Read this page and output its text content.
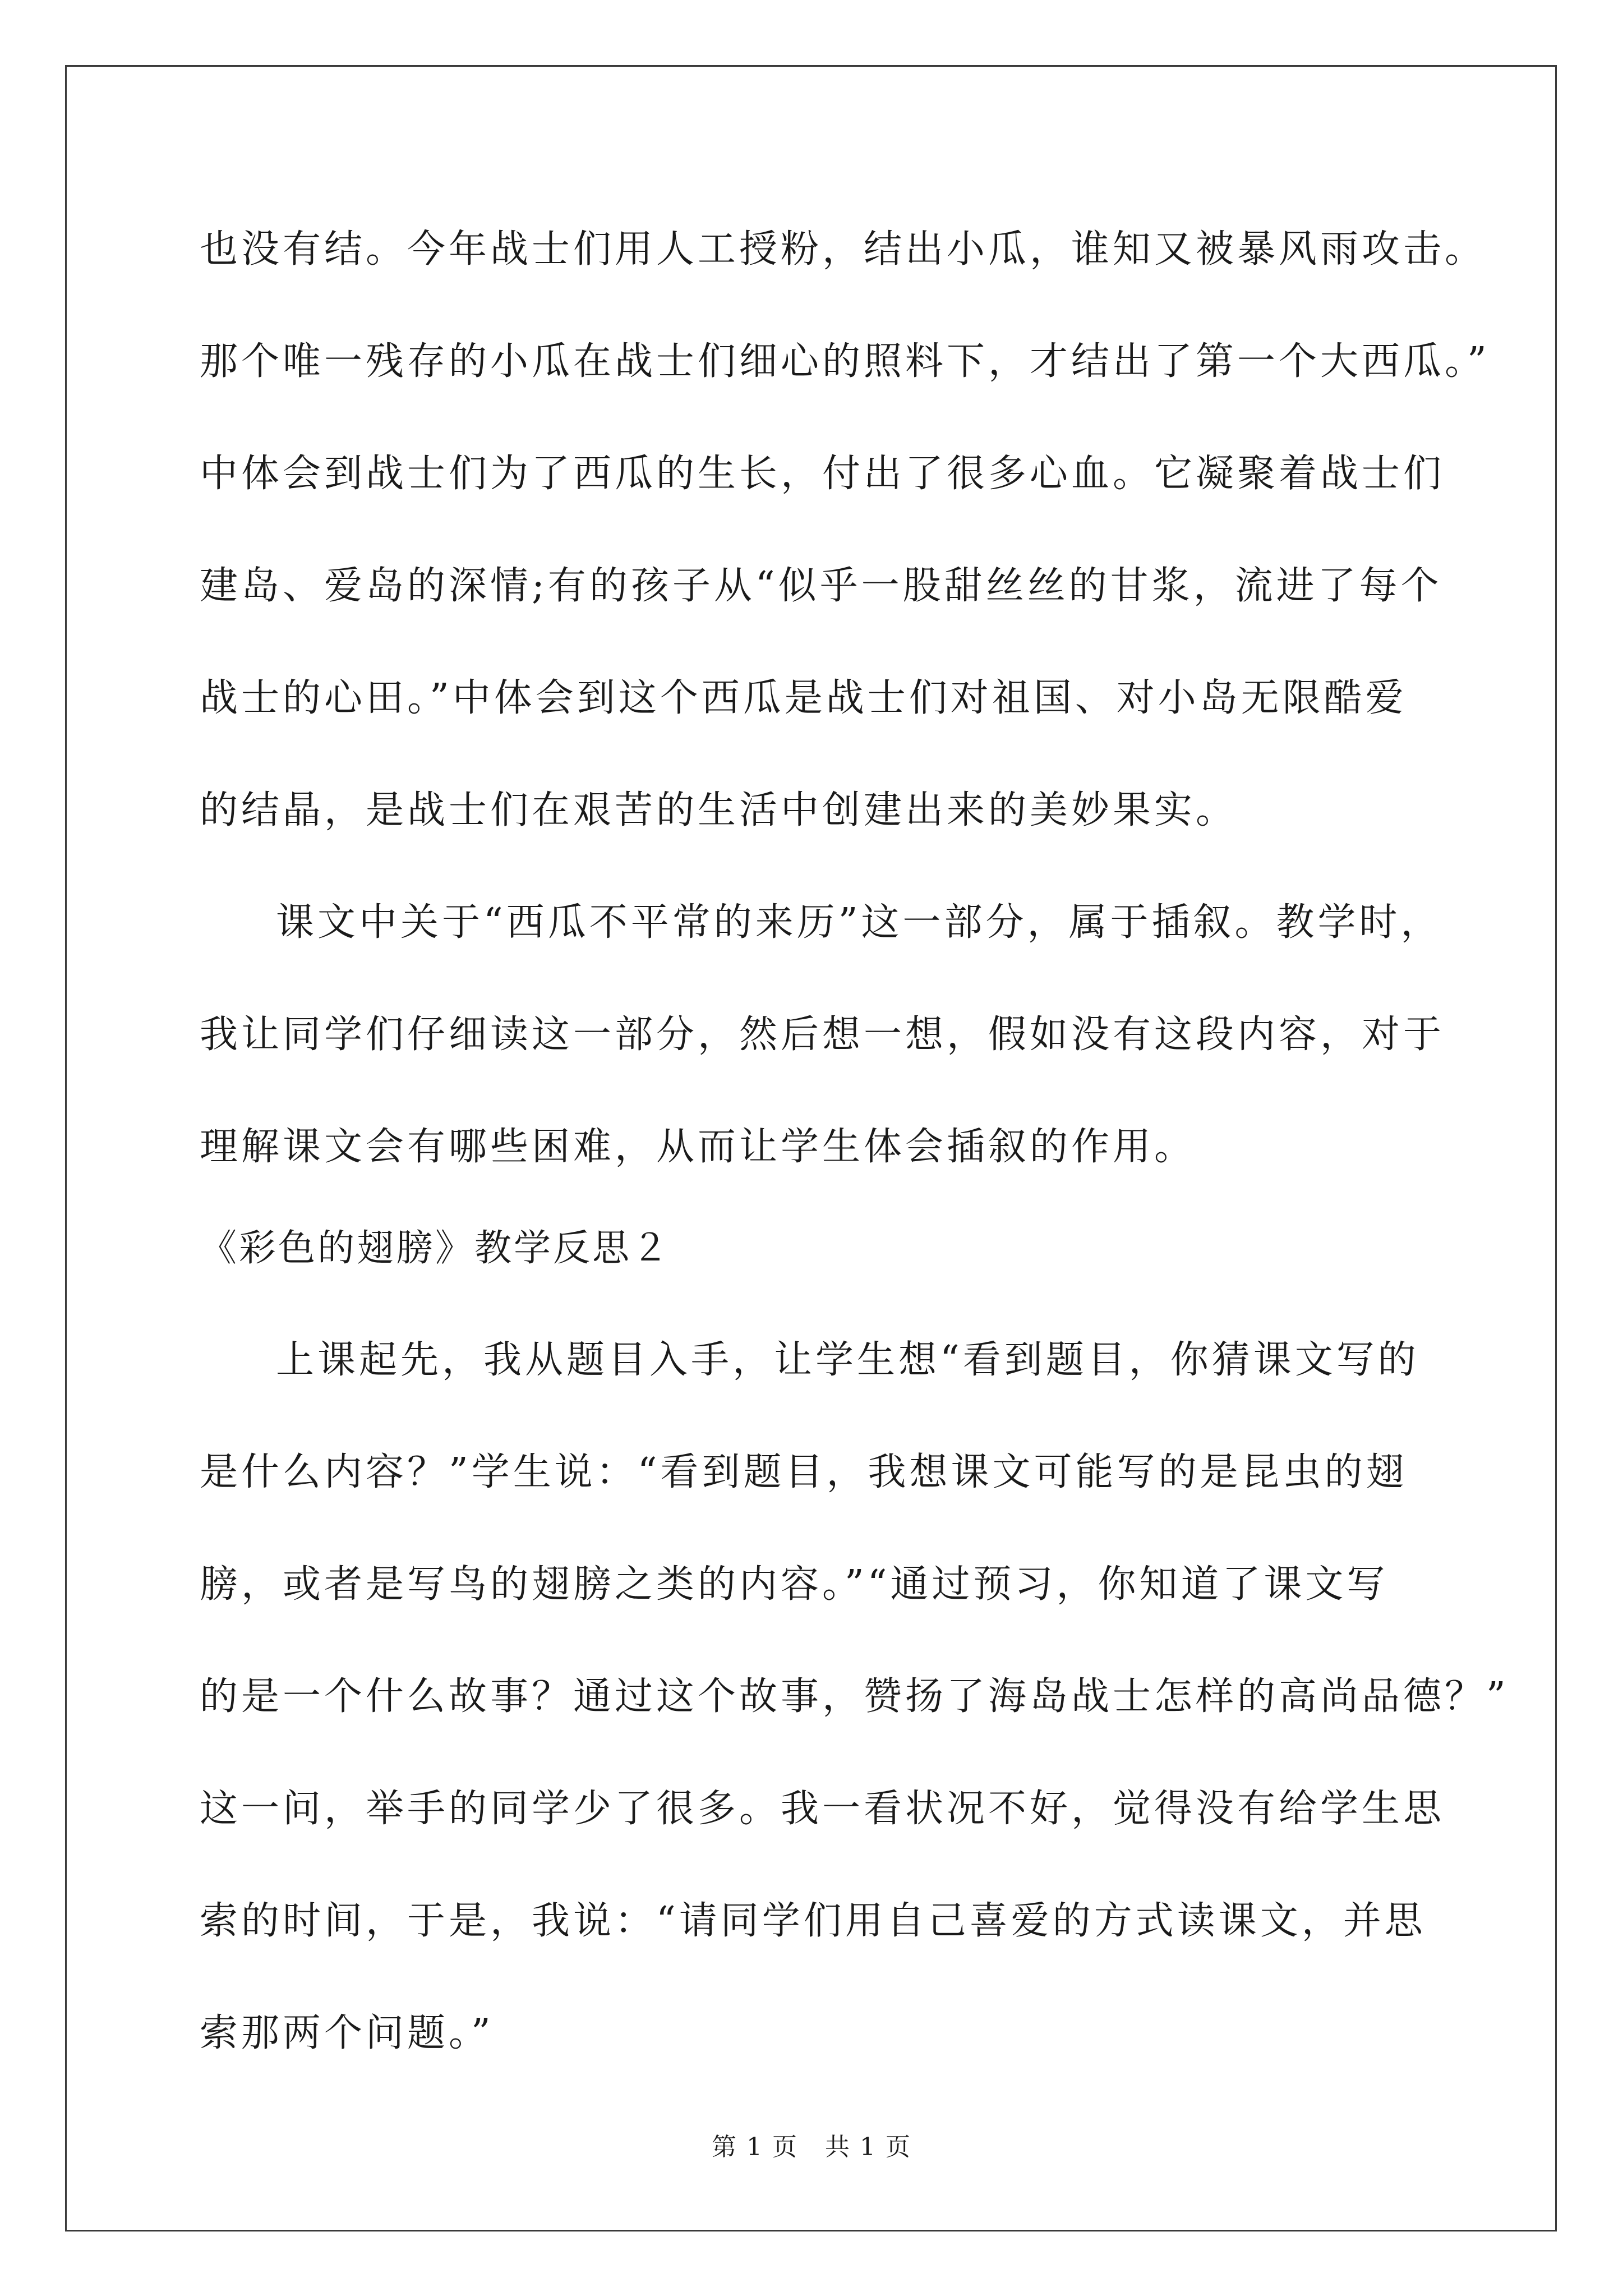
也没有结。今年战士们用人工授粉，结出小瓜，谁知又被暴风雨攻击。

那个唯一残存的小瓜在战士们细心的照料下，才结出了第一个大西瓜。”

中体会到战士们为了西瓜的生长，付出了很多心血。它凝聚着战士们

建岛、爱岛的深情;有的孩子从“似乎一股甜丝丝的甘浆，流进了每个

战士的心田。”中体会到这个西瓜是战士们对祖国、对小岛无限酷爱

的结晶，是战士们在艰苦的生活中创建出来的美妙果实。

课文中关于“西瓜不平常的来历”这一部分，属于插叙。教学时，

我让同学们仔细读这一部分，然后想一想，假如没有这段内容，对于

理解课文会有哪些困难，从而让学生体会插叙的作用。

《彩色的翅膀》教学反思２

上课起先，我从题目入手，让学生想“看到题目，你猜课文写的

是什么内容？”学生说：“看到题目，我想课文可能写的是昆虫的翅

膀，或者是写鸟的翅膀之类的内容。”“通过预习，你知道了课文写

的是一个什么故事？通过这个故事，赞扬了海岛战士怎样的高尚品德？”

这一问，举手的同学少了很多。我一看状况不好，觉得没有给学生思

索的时间，于是，我说：“请同学们用自己喜爱的方式读课文，并思

索那两个问题。”

第 1 页 共 1 页
